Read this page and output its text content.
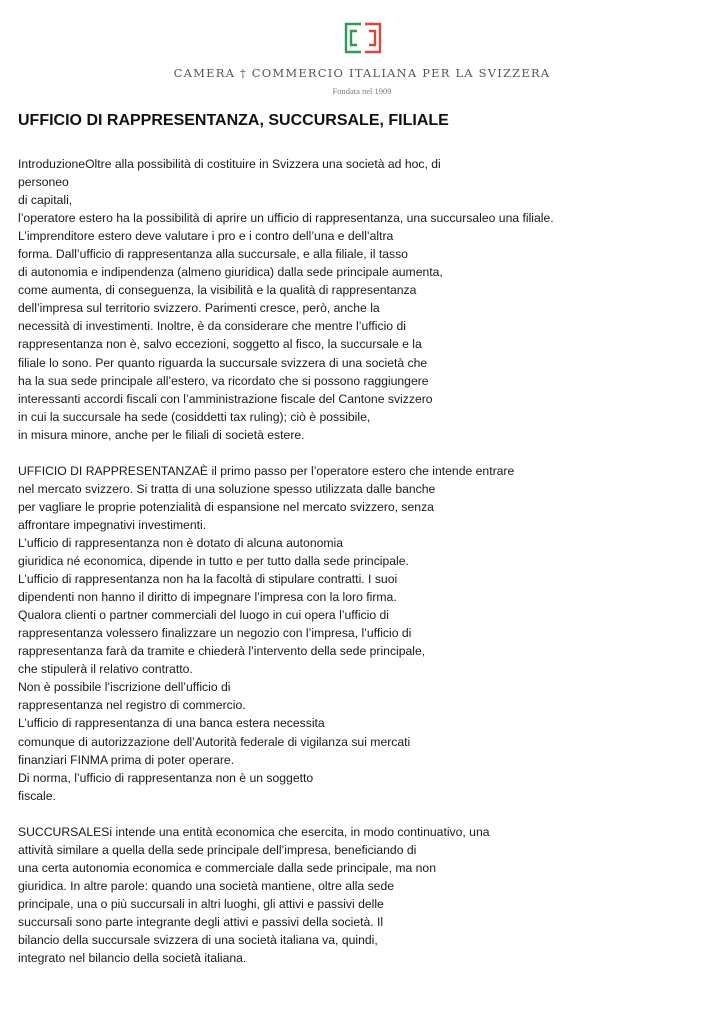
CAMERA † COMMERCIO ITALIANA PER LA SVIZZERA
Fondata nel 1909
UFFICIO DI RAPPRESENTANZA, SUCCURSALE, FILIALE
IntroduzioneOltre alla possibilità di costituire in Svizzera una società ad hoc, di
personeo
di capitali,
l’operatore estero ha la possibilità di aprire un ufficio di rappresentanza, una succursaleo una filiale.
L’imprenditore estero deve valutare i pro e i contro dell’una e dell’altra
forma. Dall’ufficio di rappresentanza alla succursale, e alla filiale, il tasso
di autonomia e indipendenza (almeno giuridica) dalla sede principale aumenta,
come aumenta, di conseguenza, la visibilità e la qualità di rappresentanza
dell’impresa sul territorio svizzero. Parimenti cresce, però, anche la
necessità di investimenti. Inoltre, è da considerare che mentre l’ufficio di
rappresentanza non è, salvo eccezioni, soggetto al fisco, la succursale e la
filiale lo sono. Per quanto riguarda la succursale svizzera di una società che
ha la sua sede principale all’estero, va ricordato che si possono raggiungere
interessanti accordi fiscali con l’amministrazione fiscale del Cantone svizzero
in cui la succursale ha sede (cosiddetti tax ruling); ciò è possibile,
in misura minore, anche per le filiali di società estere.
UFFICIO DI RAPPRESENTANZAÈ il primo passo per l’operatore estero che intende entrare
nel mercato svizzero. Si tratta di una soluzione spesso utilizzata dalle banche
per vagliare le proprie potenzialità di espansione nel mercato svizzero, senza
affrontare impegnativi investimenti.
L’ufficio di rappresentanza non è dotato di alcuna autonomia
giuridica né economica, dipende in tutto e per tutto dalla sede principale.
L’ufficio di rappresentanza non ha la facoltà di stipulare contratti. I suoi
dipendenti non hanno il diritto di impegnare l’impresa con la loro firma.
Qualora clienti o partner commerciali del luogo in cui opera l’ufficio di
rappresentanza volessero finalizzare un negozio con l’impresa, l’ufficio di
rappresentanza farà da tramite e chiederà l’intervento della sede principale,
che stipulerà il relativo contratto.
Non è possibile l’iscrizione dell’ufficio di
rappresentanza nel registro di commercio.
L’ufficio di rappresentanza di una banca estera necessita
comunque di autorizzazione dell’Autorità federale di vigilanza sui mercati
finanziari FINMA prima di poter operare.
Di norma, l’ufficio di rappresentanza non è un soggetto
fiscale.
SUCCURSALESi intende una entità economica che esercita, in modo continuativo, una
attività similare a quella della sede principale dell’impresa, beneficiando di
una certa autonomia economica e commerciale dalla sede principale, ma non
giuridica. In altre parole: quando una società mantiene, oltre alla sede
principale, una o più succursali in altri luoghi, gli attivi e passivi delle
succursali sono parte integrante degli attivi e passivi della società. Il
bilancio della succursale svizzera di una società italiana va, quindi,
integrato nel bilancio della società italiana.
